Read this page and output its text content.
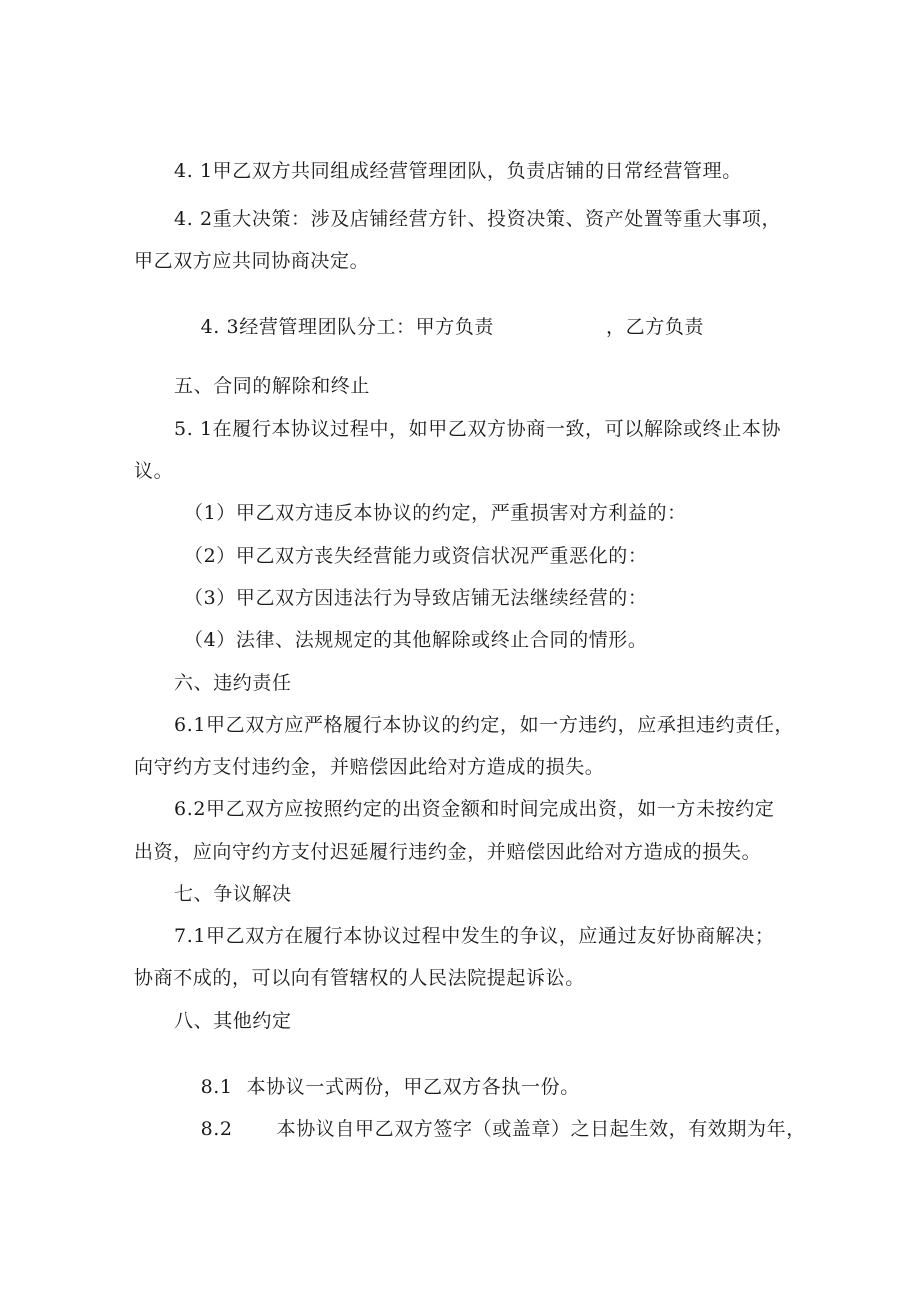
4. 1甲乙双方共同组成经营管理团队，负责店铺的日常经营管理。
4. 2重大决策：涉及店铺经营方针、投资决策、资产处置等重大事项，
甲乙双方应共同协商决定。

4. 3经营管理团队分工：甲方负责	，乙方负责

五、合同的解除和终止
5. 1在履行本协议过程中，如甲乙双方协商一致，可以解除或终止本协
议。
（1）甲乙双方违反本协议的约定，严重损害对方利益的：
（2）甲乙双方丧失经营能力或资信状况严重恶化的：
（3）甲乙双方因违法行为导致店铺无法继续经营的：
（4）法律、法规规定的其他解除或终止合同的情形。
六、违约责任
6.1甲乙双方应严格履行本协议的约定，如一方违约，应承担违约责任，
向守约方支付违约金，并赔偿因此给对方造成的损失。
6.2甲乙双方应按照约定的出资金额和时间完成出资，如一方未按约定
出资，应向守约方支付迟延履行违约金，并赔偿因此给对方造成的损失。
七、争议解决
7.1甲乙双方在履行本协议过程中发生的争议，应通过友好协商解决；
协商不成的，可以向有管辖权的人民法院提起诉讼。
八、其他约定

8.1 本协议一式两份，甲乙双方各执一份。

8.2 本协议自甲乙双方签字（或盖章）之日起生效，有效期为年，
